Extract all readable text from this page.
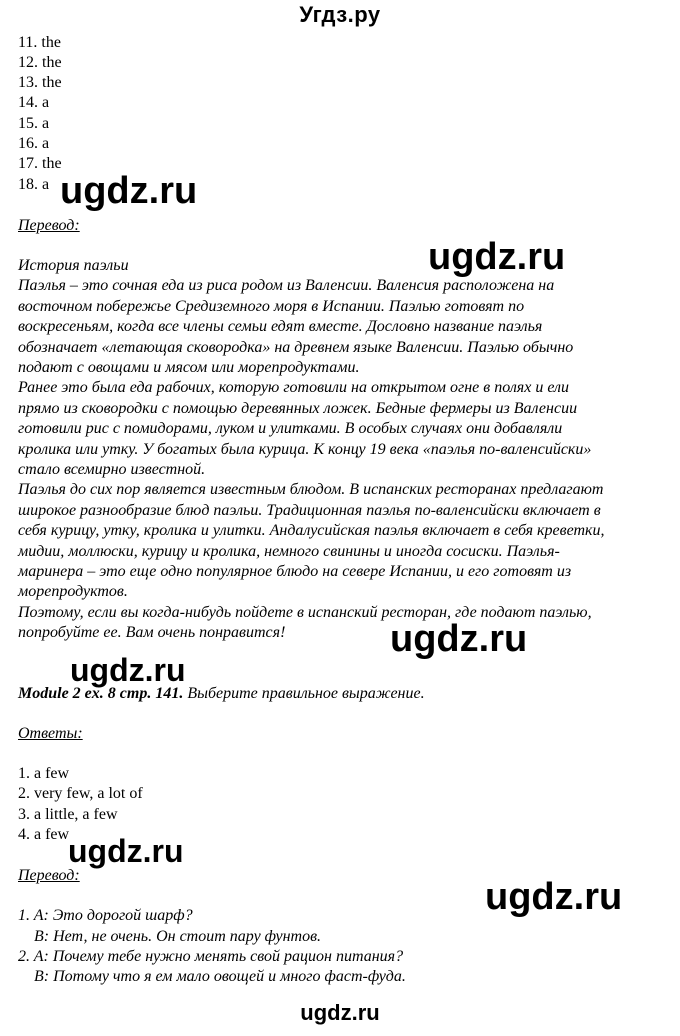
Угдз.ру
11. the
12. the
13. the
14. a
15. a
16. a
17. the
18. a
Перевод:
История паэльи
Паэлья – это сочная еда из риса родом из Валенсии. Валенсия расположена на
восточном побережье Средиземного моря в Испании. Паэлью готовят по
воскресеньям, когда все члены семьи едят вместе. Дословно название паэлья
обозначает «летающая сковородка» на древнем языке Валенсии. Паэлью обычно
подают с овощами и мясом или морепродуктами.
Ранее это была еда рабочих, которую готовили на открытом огне в полях и ели
прямо из сковородки с помощью деревянных ложек. Бедные фермеры из Валенсии
готовили рис с помидорами, луком и улитками. В особых случаях они добавляли
кролика или утку. У богатых была курица. К концу 19 века «паэлья по-валенсийски»
стало всемирно известной.
Паэлья до сих пор является известным блюдом. В испанских ресторанах предлагают
широкое разнообразие блюд паэльи. Традиционная паэлья по-валенсийски включает в
себя курицу, утку, кролика и улитки. Андалусийская паэлья включает в себя креветки,
мидии, моллюски, курицу и кролика, немного свинины и иногда сосиски. Паэлья-
маринера – это еще одно популярное блюдо на севере Испании, и его готовят из
морепродуктов.
Поэтому, если вы когда-нибудь пойдете в испанский ресторан, где подают паэлью,
попробуйте ее. Вам очень понравится!
Module 2 ex. 8 стр. 141. Выберите правильное выражение.
Ответы:
1. a few
2. very few, a lot of
3. a little, a few
4. a few
Перевод:
1. A: Это дорогой шарф?
B: Нет, не очень. Он стоит пару фунтов.
2. A: Почему тебе нужно менять свой рацион питания?
B: Потому что я ем мало овощей и много фаст-фуда.
ugdz.ru
ugdz.ru
ugdz.ru
ugdz.ru
ugdz.ru
ugdz.ru
ugdz.ru
